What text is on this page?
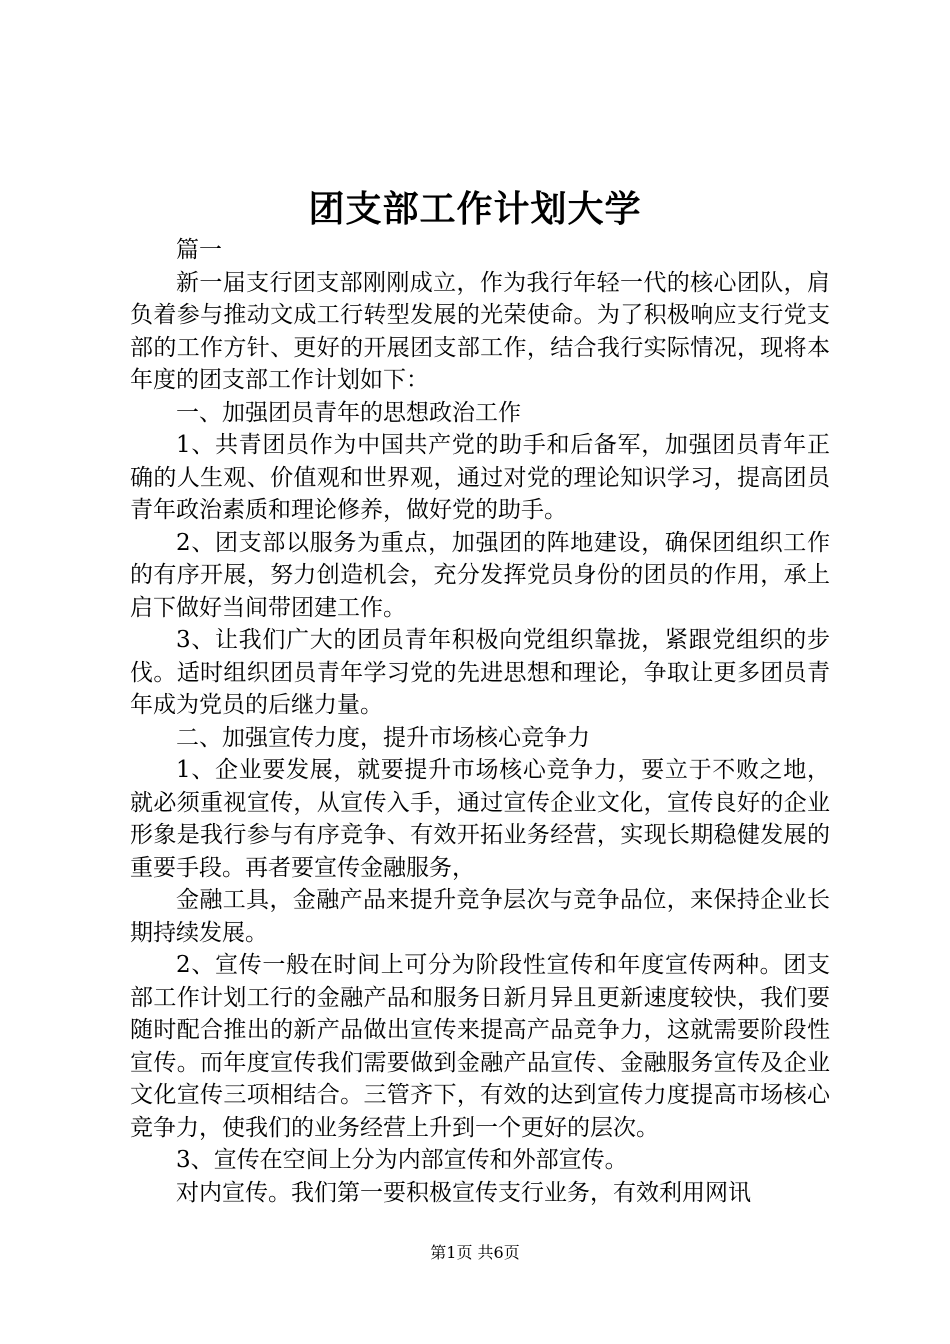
团支部工作计划大学

篇一

新一届支行团支部刚刚成立，作为我行年轻一代的核心团队，肩负着参与推动文成工行转型发展的光荣使命。为了积极响应支行党支部的工作方针、更好的开展团支部工作，结合我行实际情况，现将本年度的团支部工作计划如下：

一、加强团员青年的思想政治工作

1、共青团员作为中国共产党的助手和后备军，加强团员青年正确的人生观、价值观和世界观，通过对党的理论知识学习，提高团员青年政治素质和理论修养，做好党的助手。

2、团支部以服务为重点，加强团的阵地建设，确保团组织工作的有序开展，努力创造机会，充分发挥党员身份的团员的作用，承上启下做好当间带团建工作。

3、让我们广大的团员青年积极向党组织靠拢，紧跟党组织的步伐。适时组织团员青年学习党的先进思想和理论，争取让更多团员青年成为党员的后继力量。

二、加强宣传力度，提升市场核心竞争力

1、企业要发展，就要提升市场核心竞争力，要立于不败之地，就必须重视宣传，从宣传入手，通过宣传企业文化，宣传良好的企业形象是我行参与有序竞争、有效开拓业务经营，实现长期稳健发展的重要手段。再者要宣传金融服务，

金融工具，金融产品来提升竞争层次与竞争品位，来保持企业长期持续发展。

2、宣传一般在时间上可分为阶段性宣传和年度宣传两种。团支部工作计划工行的金融产品和服务日新月异且更新速度较快，我们要随时配合推出的新产品做出宣传来提高产品竞争力，这就需要阶段性宣传。而年度宣传我们需要做到金融产品宣传、金融服务宣传及企业文化宣传三项相结合。三管齐下，有效的达到宣传力度提高市场核心竞争力，使我们的业务经营上升到一个更好的层次。

3、宣传在空间上分为内部宣传和外部宣传。

对内宣传。我们第一要积极宣传支行业务，有效利用网讯

第1页 共6页
